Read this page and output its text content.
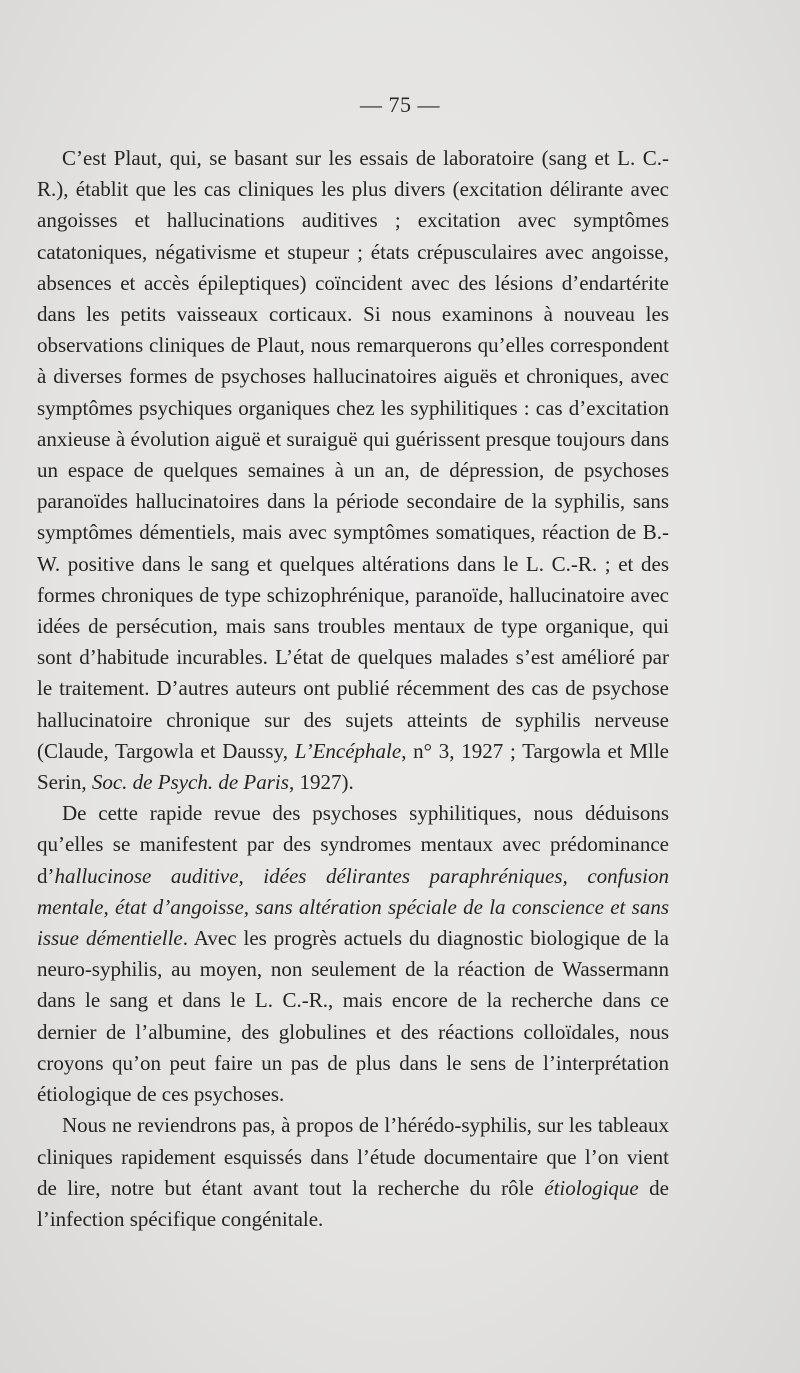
— 75 —

C’est Plaut, qui, se basant sur les essais de laboratoire (sang et L. C.-R.), établit que les cas cliniques les plus divers (excitation délirante avec angoisses et hallucinations auditives ; excitation avec symptômes catatoniques, négativisme et stupeur ; états crépusculaires avec angoisse, absences et accès épileptiques) coïncident avec des lésions d’endartérite dans les petits vaisseaux corticaux. Si nous examinons à nouveau les observations cliniques de Plaut, nous remarquerons qu’elles correspondent à diverses formes de psychoses hallucinatoires aiguës et chroniques, avec symptômes psychiques organiques chez les syphilitiques : cas d’excitation anxieuse à évolution aiguë et suraiguë qui guérissent presque toujours dans un espace de quelques semaines à un an, de dépression, de psychoses paranoïdes hallucinatoires dans la période secondaire de la syphilis, sans symptômes démentiels, mais avec symptômes somatiques, réaction de B.-W. positive dans le sang et quelques altérations dans le L. C.-R. ; et des formes chroniques de type schizophrénique, paranoïde, hallucinatoire avec idées de persécution, mais sans troubles mentaux de type organique, qui sont d’habitude incurables. L’état de quelques malades s’est amélioré par le traitement. D’autres auteurs ont publié récemment des cas de psychose hallucinatoire chronique sur des sujets atteints de syphilis nerveuse (Claude, Targowla et Daussy, L’Encéphale, n° 3, 1927 ; Targowla et Mlle Serin, Soc. de Psych. de Paris, 1927).

De cette rapide revue des psychoses syphilitiques, nous déduisons qu’elles se manifestent par des syndromes mentaux avec prédominance d’hallucinose auditive, idées délirantes paraphréniques, confusion mentale, état d’angoisse, sans altération spéciale de la conscience et sans issue démentielle. Avec les progrès actuels du diagnostic biologique de la neuro-syphilis, au moyen, non seulement de la réaction de Wassermann dans le sang et dans le L. C.-R., mais encore de la recherche dans ce dernier de l’albumine, des globulines et des réactions colloïdales, nous croyons qu’on peut faire un pas de plus dans le sens de l’interprétation étiologique de ces psychoses.

Nous ne reviendrons pas, à propos de l’hérédo-syphilis, sur les tableaux cliniques rapidement esquissés dans l’étude documentaire que l’on vient de lire, notre but étant avant tout la recherche du rôle étiologique de l’infection spécifique congénitale.
